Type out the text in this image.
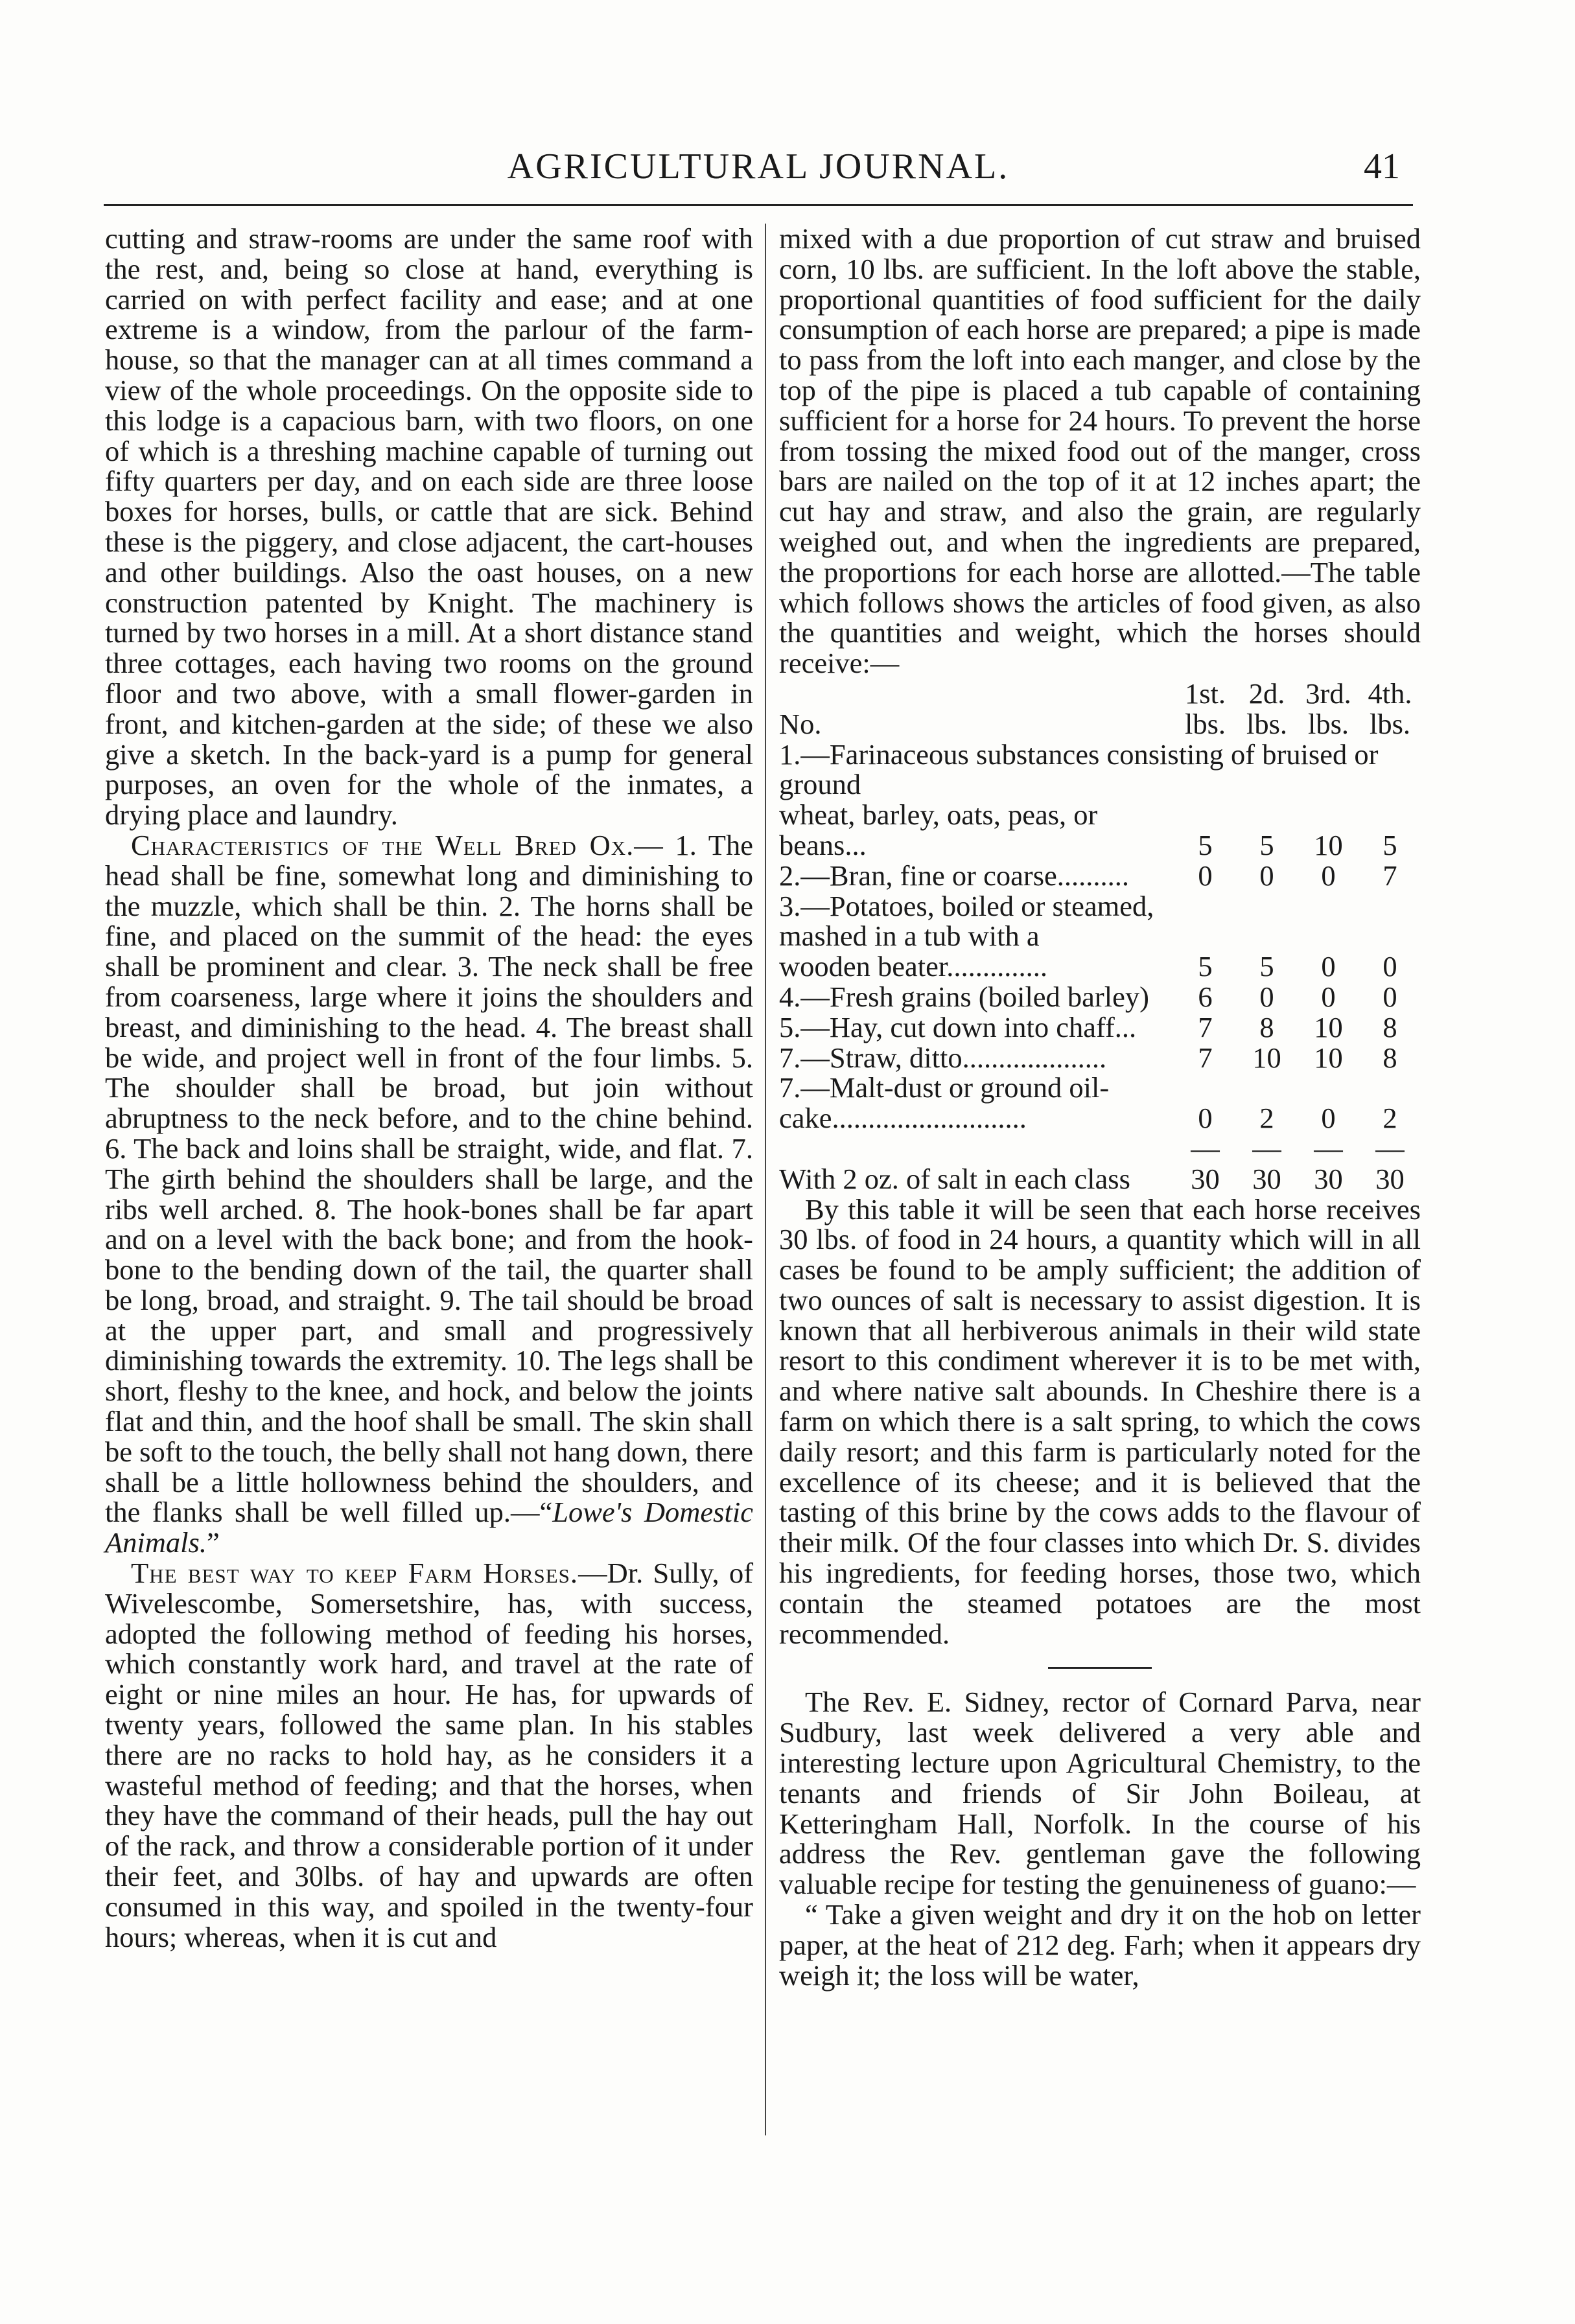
AGRICULTURAL JOURNAL.	41

cutting and straw-rooms are under the same roof with the rest, and, being so close at hand, everything is carried on with perfect facility and ease; and at one extreme is a window, from the parlour of the farm-house, so that the manager can at all times command a view of the whole proceedings. On the opposite side to this lodge is a capacious barn, with two floors, on one of which is a threshing machine capable of turning out fifty quarters per day, and on each side are three loose boxes for horses, bulls, or cattle that are sick. Behind these is the piggery, and close adjacent, the cart-houses and other buildings. Also the oast houses, on a new construction patented by Knight. The machinery is turned by two horses in a mill. At a short distance stand three cottages, each having two rooms on the ground floor and two above, with a small flower-garden in front, and kitchen-garden at the side; of these we also give a sketch. In the back-yard is a pump for general purposes, an oven for the whole of the inmates, a drying place and laundry.

Characteristics of the Well Bred Ox.— 1. The head shall be fine, somewhat long and diminishing to the muzzle, which shall be thin. 2. The horns shall be fine, and placed on the summit of the head: the eyes shall be prominent and clear. 3. The neck shall be free from coarseness, large where it joins the shoulders and breast, and diminishing to the head. 4. The breast shall be wide, and project well in front of the four limbs. 5. The shoulder shall be broad, but join without abruptness to the neck before, and to the chine behind. 6. The back and loins shall be straight, wide, and flat. 7. The girth behind the shoulders shall be large, and the ribs well arched. 8. The hook-bones shall be far apart and on a level with the back bone; and from the hook-bone to the bending down of the tail, the quarter shall be long, broad, and straight. 9. The tail should be broad at the upper part, and small and progressively diminishing towards the extremity. 10. The legs shall be short, fleshy to the knee, and hock, and below the joints flat and thin, and the hoof shall be small. The skin shall be soft to the touch, the belly shall not hang down, there shall be a little hollowness behind the shoulders, and the flanks shall be well filled up.—“Lowe's Domestic Animals.”

The best way to keep Farm Horses.—Dr. Sully, of Wivelescombe, Somersetshire, has, with success, adopted the following method of feeding his horses, which constantly work hard, and travel at the rate of eight or nine miles an hour. He has, for upwards of twenty years, followed the same plan. In his stables there are no racks to hold hay, as he considers it a wasteful method of feeding; and that the horses, when they have the command of their heads, pull the hay out of the rack, and throw a considerable portion of it under their feet, and 30lbs. of hay and upwards are often consumed in this way, and spoiled in the twenty-four hours; whereas, when it is cut and

mixed with a due proportion of cut straw and bruised corn, 10 lbs. are sufficient. In the loft above the stable, proportional quantities of food sufficient for the daily consumption of each horse are prepared; a pipe is made to pass from the loft into each manger, and close by the top of the pipe is placed a tub capable of containing sufficient for a horse for 24 hours. To prevent the horse from tossing the mixed food out of the manger, cross bars are nailed on the top of it at 12 inches apart; the cut hay and straw, and also the grain, are regularly weighed out, and when the ingredients are prepared, the proportions for each horse are allotted.—The table which follows shows the articles of food given, as also the quantities and weight, which the horses should receive:—

	1st.	2d.	3rd.	4th.
No.	lbs.	lbs.	lbs.	lbs.
1.—Farinaceous substances consisting of bruised or ground				
wheat, barley, oats, peas, or				
beans...	5	5	10	5
2.—Bran, fine or coarse..........	0	0	0	7
3.—Potatoes, boiled or steamed,				
mashed in a tub with a				
wooden beater..............	5	5	0	0
4.—Fresh grains (boiled barley)	6	0	0	0
5.—Hay, cut down into chaff...	7	8	10	8
7.—Straw, ditto....................	7	10	10	8
7.—Malt-dust or ground oil-				
cake...........................	0	2	0	2
	—	—	—	—
With 2 oz. of salt in each class	30	30	30	30

By this table it will be seen that each horse receives 30 lbs. of food in 24 hours, a quantity which will in all cases be found to be amply sufficient; the addition of two ounces of salt is necessary to assist digestion. It is known that all herbiverous animals in their wild state resort to this condiment wherever it is to be met with, and where native salt abounds. In Cheshire there is a farm on which there is a salt spring, to which the cows daily resort; and this farm is particularly noted for the excellence of its cheese; and it is believed that the tasting of this brine by the cows adds to the flavour of their milk. Of the four classes into which Dr. S. divides his ingredients, for feeding horses, those two, which contain the steamed potatoes are the most recommended.

The Rev. E. Sidney, rector of Cornard Parva, near Sudbury, last week delivered a very able and interesting lecture upon Agricultural Chemistry, to the tenants and friends of Sir John Boileau, at Ketteringham Hall, Norfolk. In the course of his address the Rev. gentleman gave the following valuable recipe for testing the genuineness of guano:—

“ Take a given weight and dry it on the hob on letter paper, at the heat of 212 deg. Farh; when it appears dry weigh it; the loss will be water,
